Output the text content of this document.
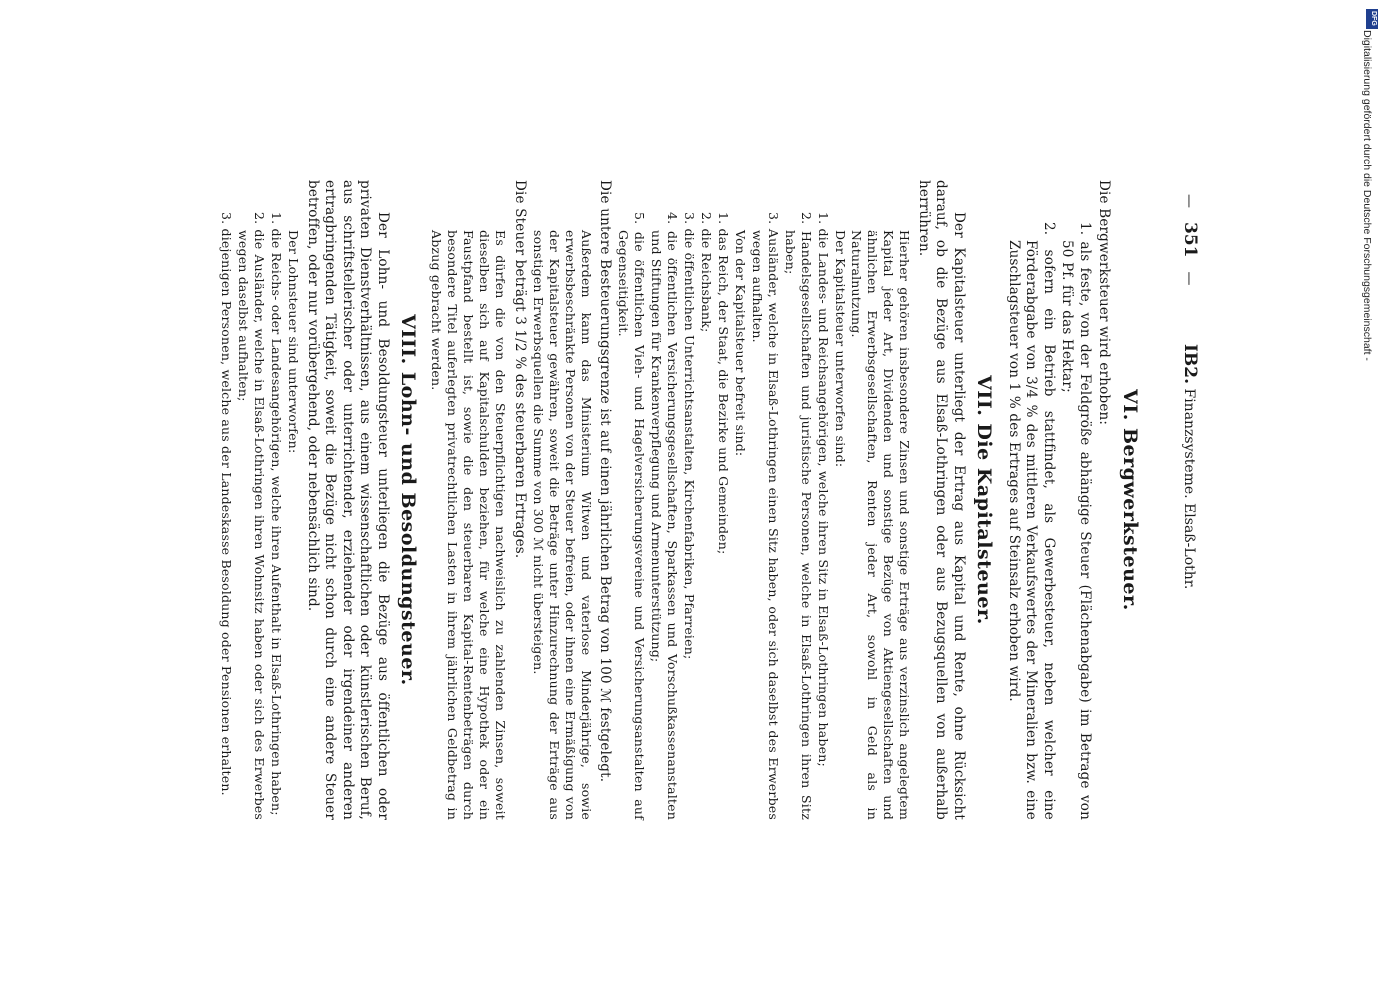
—351— IB2. Finanzsysteme. Elsaß-Lothr.
VI. Bergwerksteuer.
Die Bergwerksteuer wird erhoben:
1. als feste, von der Feldgröße abhängige Steuer (Flächenabgabe) im Betrage von 50 Pf. für das Hektar;
2. sofern ein Betrieb stattfindet, als Gewerbesteuer, neben welcher eine Förderabgabe von 3/4 % des mittleren Verkaufswertes der Mineralien bzw. eine Zuschlagsteuer von 1 % des Ertrages auf Steinsalz erhoben wird.
VII. Die Kapitalsteuer.
Der Kapitalsteuer unterliegt der Ertrag aus Kapital und Rente, ohne Rücksicht darauf, ob die Bezüge aus Elsaß-Lothringen oder aus Bezugsquellen von außerhalb herrühren.
Hierher gehören insbesondere Zinsen und sonstige Erträge aus verzinslich angelegtem Kapital jeder Art, Dividenden und sonstige Bezüge von Aktiengesellschaften und ähnlichen Erwerbsgesellschaften, Renten jeder Art, sowohl in Geld als in Naturalnutzung.
Der Kapitalsteuer unterworfen sind:
1. die Landes- und Reichsangehörigen, welche ihren Sitz in Elsaß-Lothringen haben;
2. Handelsgesellschaften und juristische Personen, welche in Elsaß-Lothringen ihren Sitz haben;
3. Ausländer, welche in Elsaß-Lothringen einen Sitz haben, oder sich daselbst des Erwerbes wegen aufhalten.
Von der Kapitalsteuer befreit sind:
1. das Reich, der Staat, die Bezirke und Gemeinden;
2. die Reichsbank;
3. die öffentlichen Unterrichtsanstalten, Kirchenfabriken, Pfarreien;
4. die öffentlichen Versicherungsgesellschaften, Sparkassen und Vorschußkassenanstalten und Stiftungen für Krankenverpflegung und Armenunterstützung;
5. die öffentlichen Vieh- und Hagelversicherungsvereine und Versicherungsanstalten auf Gegenseitigkeit.
Die untere Besteuerungsgrenze ist auf einen jährlichen Betrag von 100 ℳ festgelegt.
Außerdem kann das Ministerium Witwen und vaterlose Minderjährige, sowie erwerbsbeschränkte Personen von der Steuer befreien, oder ihnen eine Ermäßigung von der Kapitalsteuer gewähren, soweit die Beträge unter Hinzurechnung der Erträge aus sonstigen Erwerbsquellen die Summe von 300 ℳ nicht übersteigen.
Die Steuer beträgt 3 1/2 % des steuerbaren Ertrages.
Es dürfen die von den Steuerpflichtigen nachweislich zu zahlenden Zinsen, soweit dieselben sich auf Kapitalschulden beziehen, für welche eine Hypothek oder ein Faustpfand bestellt ist, sowie die den steuerbaren Kapital-Rentenbeträgen durch besondere Titel auferlegten privatrechtlichen Lasten in ihrem jährlichen Geldbetrag in Abzug gebracht werden.
VIII. Lohn- und Besoldungsteuer.
Der Lohn- und Besoldungsteuer unterliegen die Bezüge aus öffentlichen oder privaten Dienstverhältnissen, aus einem wissenschaftlichen oder künstlerischen Beruf, aus schriftstellerischer oder unterrichtender, erziehender oder irgendeiner anderen ertragbringenden Tätigkeit, soweit die Bezüge nicht schon durch eine andere Steuer betroffen, oder nur vorübergehend, oder nebensächlich sind.
Der Lohnsteuer sind unterworfen:
1. die Reichs- oder Landesangehörigen, welche ihren Aufenthalt in Elsaß-Lothringen haben;
2. die Ausländer, welche in Elsaß-Lothringen ihren Wohnsitz haben oder sich des Erwerbes wegen daselbst aufhalten;
3. diejenigen Personen, welche aus der Landeskasse Besoldung oder Pensionen erhalten.
DFG
Digitalisierung gefördert durch die Deutsche Forschungsgemeinschaft -
